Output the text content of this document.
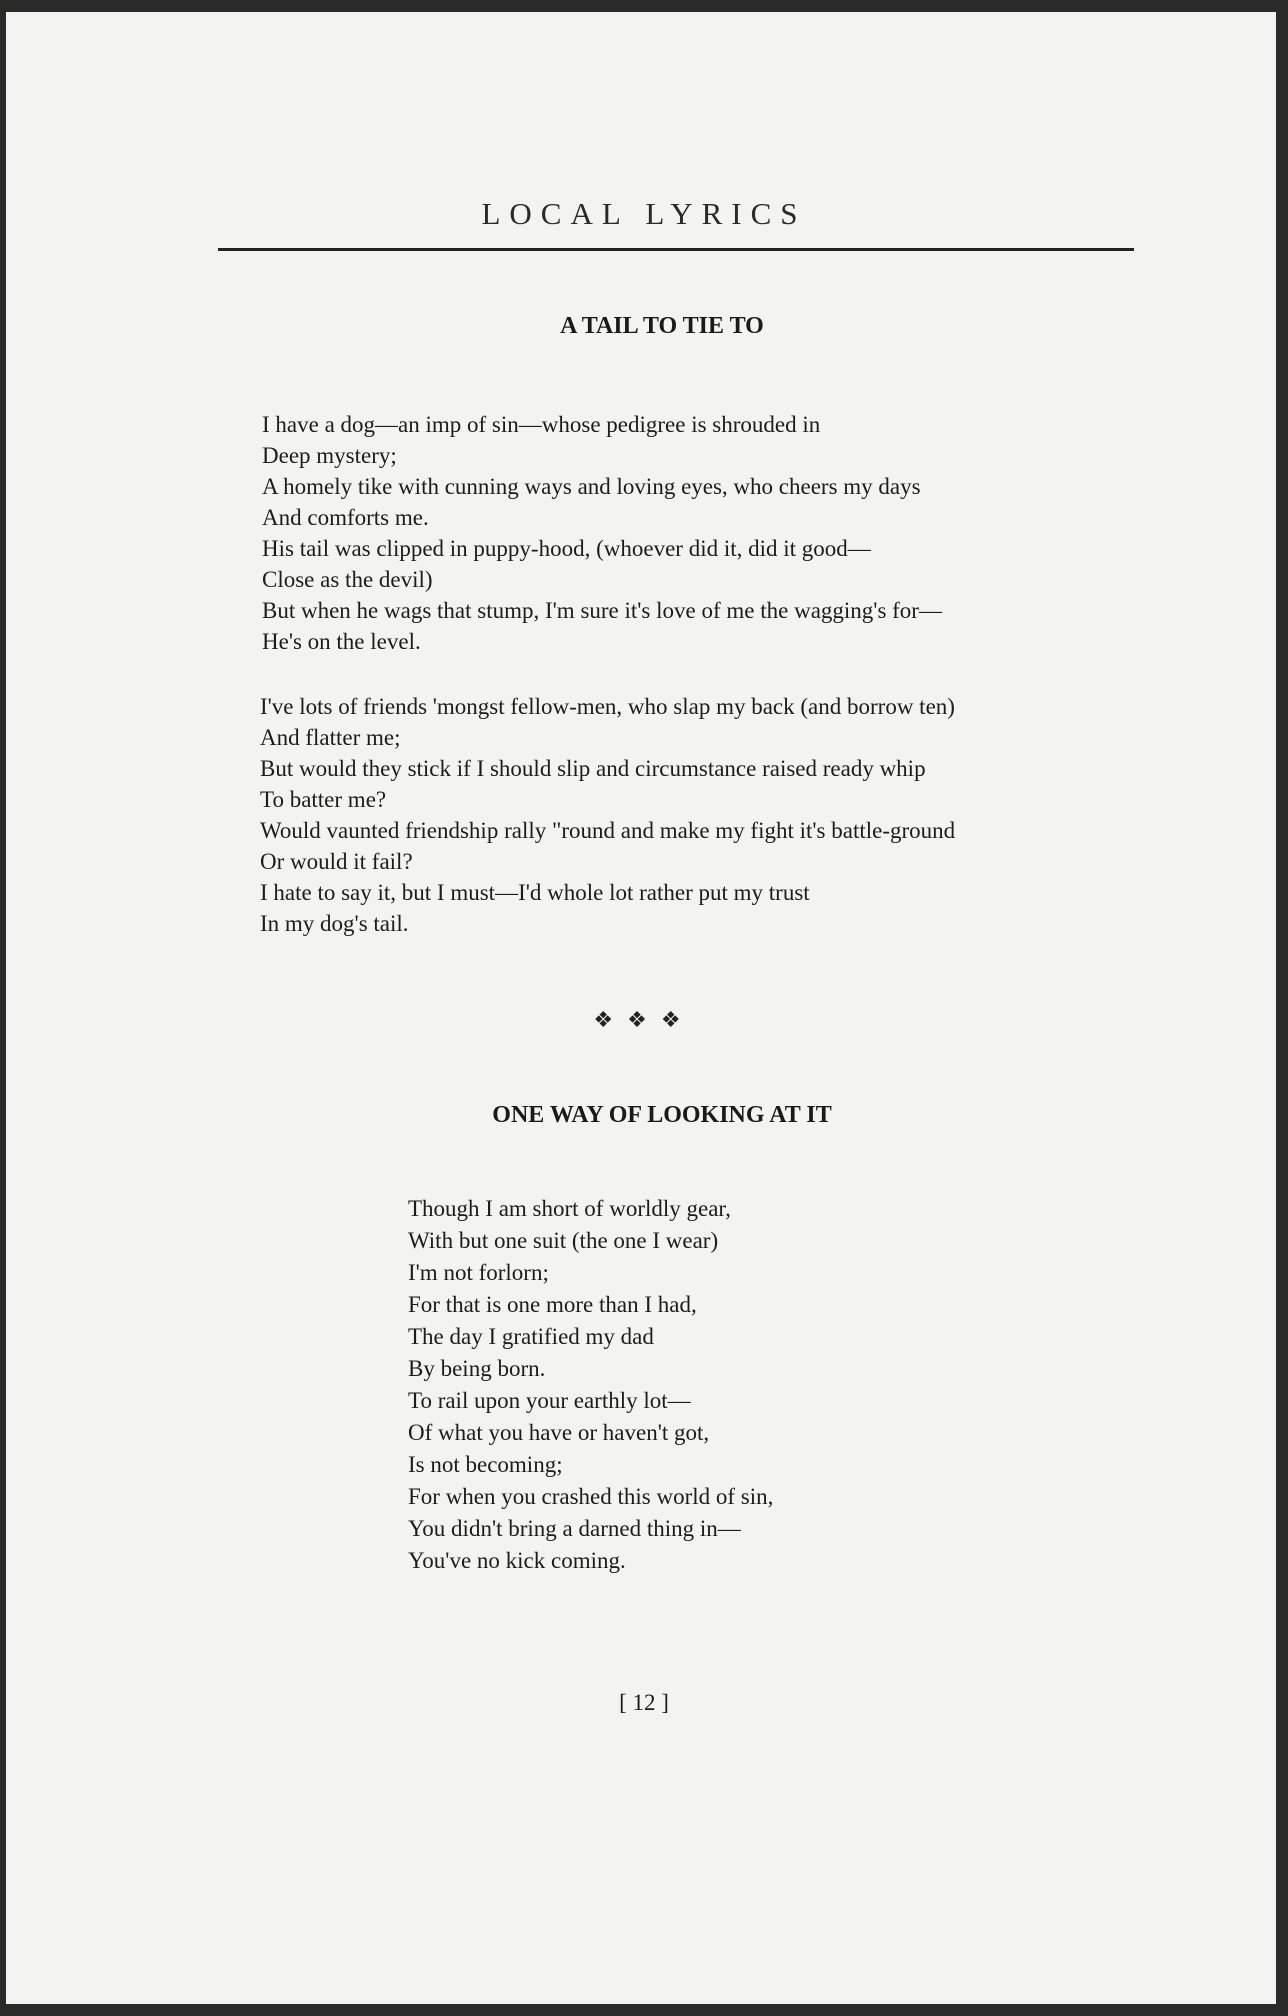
LOCAL LYRICS
A TAIL TO TIE TO
I have a dog—an imp of sin—whose pedigree is shrouded in
Deep mystery;
A homely tike with cunning ways and loving eyes, who cheers my days
And comforts me.
His tail was clipped in puppy-hood, (whoever did it, did it good—
Close as the devil)
But when he wags that stump, I'm sure it's love of me the wagging's for—
He's on the level.
I've lots of friends 'mongst fellow-men, who slap my back (and borrow ten)
And flatter me;
But would they stick if I should slip and circumstance raised ready whip
To batter me?
Would vaunted friendship rally "round and make my fight it's battle-ground
Or would it fail?
I hate to say it, but I must—I'd whole lot rather put my trust
In my dog's tail.
❖❖❖
ONE WAY OF LOOKING AT IT
Though I am short of worldly gear,
With but one suit (the one I wear)
I'm not forlorn;
For that is one more than I had,
The day I gratified my dad
By being born.
To rail upon your earthly lot—
Of what you have or haven't got,
Is not becoming;
For when you crashed this world of sin,
You didn't bring a darned thing in—
You've no kick coming.
[ 12 ]
